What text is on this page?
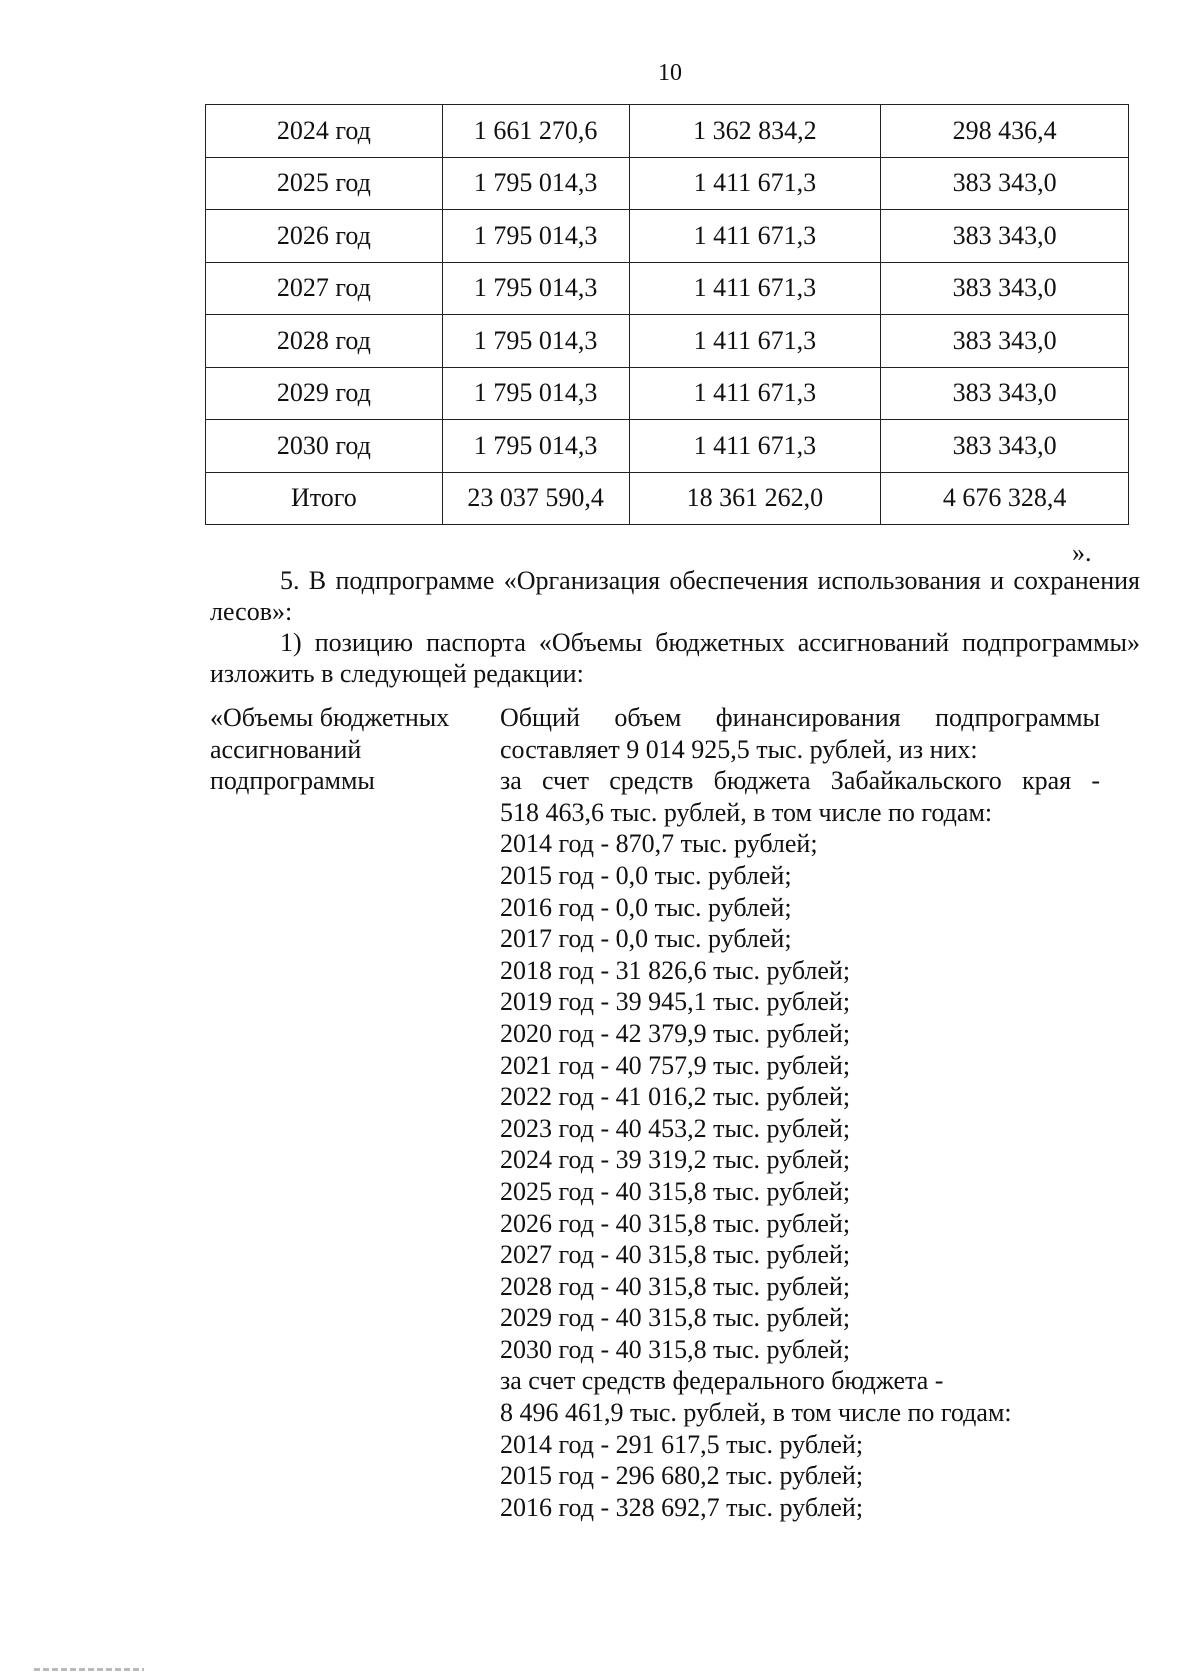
10
2024 год	1 661 270,6	1 362 834,2	298 436,4
2025 год	1 795 014,3	1 411 671,3	383 343,0
2026 год	1 795 014,3	1 411 671,3	383 343,0
2027 год	1 795 014,3	1 411 671,3	383 343,0
2028 год	1 795 014,3	1 411 671,3	383 343,0
2029 год	1 795 014,3	1 411 671,3	383 343,0
2030 год	1 795 014,3	1 411 671,3	383 343,0
Итого	23 037 590,4	18 361 262,0	4 676 328,4
».
5. В подпрограмме «Организация обеспечения использования и сохранения лесов»:
1) позицию паспорта «Объемы бюджетных ассигнований подпрограммы» изложить в следующей редакции:
«Объемы бюджетных
ассигнований
подпрограммы
Общий объем финансирования подпрограммы
составляет 9 014 925,5 тыс. рублей, из них:
за счет средств бюджета Забайкальского края -
518 463,6 тыс. рублей, в том числе по годам:
2014 год - 870,7 тыс. рублей;
2015 год - 0,0 тыс. рублей;
2016 год - 0,0 тыс. рублей;
2017 год - 0,0 тыс. рублей;
2018 год - 31 826,6 тыс. рублей;
2019 год - 39 945,1 тыс. рублей;
2020 год - 42 379,9 тыс. рублей;
2021 год - 40 757,9 тыс. рублей;
2022 год - 41 016,2 тыс. рублей;
2023 год - 40 453,2 тыс. рублей;
2024 год - 39 319,2 тыс. рублей;
2025 год - 40 315,8 тыс. рублей;
2026 год - 40 315,8 тыс. рублей;
2027 год - 40 315,8 тыс. рублей;
2028 год - 40 315,8 тыс. рублей;
2029 год - 40 315,8 тыс. рублей;
2030 год - 40 315,8 тыс. рублей;
за счет средств федерального бюджета -
8 496 461,9 тыс. рублей, в том числе по годам:
2014 год - 291 617,5 тыс. рублей;
2015 год - 296 680,2 тыс. рублей;
2016 год - 328 692,7 тыс. рублей;
